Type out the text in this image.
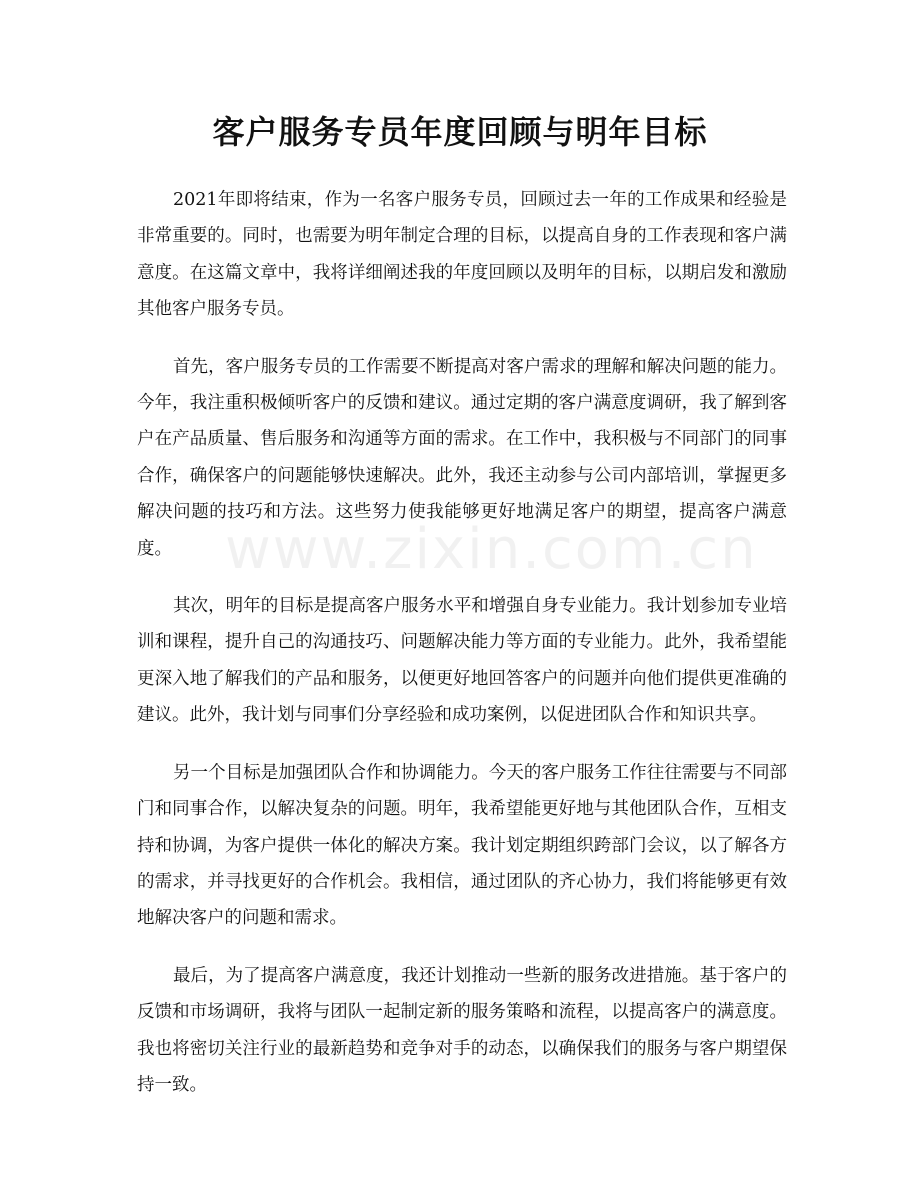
客户服务专员年度回顾与明年目标
www.zixin.com.cn

2021年即将结束，作为一名客户服务专员，回顾过去一年的工作成果和经验是非常重要的。同时，也需要为明年制定合理的目标，以提高自身的工作表现和客户满意度。在这篇文章中，我将详细阐述我的年度回顾以及明年的目标，以期启发和激励其他客户服务专员。

首先，客户服务专员的工作需要不断提高对客户需求的理解和解决问题的能力。今年，我注重积极倾听客户的反馈和建议。通过定期的客户满意度调研，我了解到客户在产品质量、售后服务和沟通等方面的需求。在工作中，我积极与不同部门的同事合作，确保客户的问题能够快速解决。此外，我还主动参与公司内部培训，掌握更多解决问题的技巧和方法。这些努力使我能够更好地满足客户的期望，提高客户满意度。

其次，明年的目标是提高客户服务水平和增强自身专业能力。我计划参加专业培训和课程，提升自己的沟通技巧、问题解决能力等方面的专业能力。此外，我希望能更深入地了解我们的产品和服务，以便更好地回答客户的问题并向他们提供更准确的建议。此外，我计划与同事们分享经验和成功案例，以促进团队合作和知识共享。

另一个目标是加强团队合作和协调能力。今天的客户服务工作往往需要与不同部门和同事合作，以解决复杂的问题。明年，我希望能更好地与其他团队合作，互相支持和协调，为客户提供一体化的解决方案。我计划定期组织跨部门会议，以了解各方的需求，并寻找更好的合作机会。我相信，通过团队的齐心协力，我们将能够更有效地解决客户的问题和需求。

最后，为了提高客户满意度，我还计划推动一些新的服务改进措施。基于客户的反馈和市场调研，我将与团队一起制定新的服务策略和流程，以提高客户的满意度。我也将密切关注行业的最新趋势和竞争对手的动态，以确保我们的服务与客户期望保持一致。
